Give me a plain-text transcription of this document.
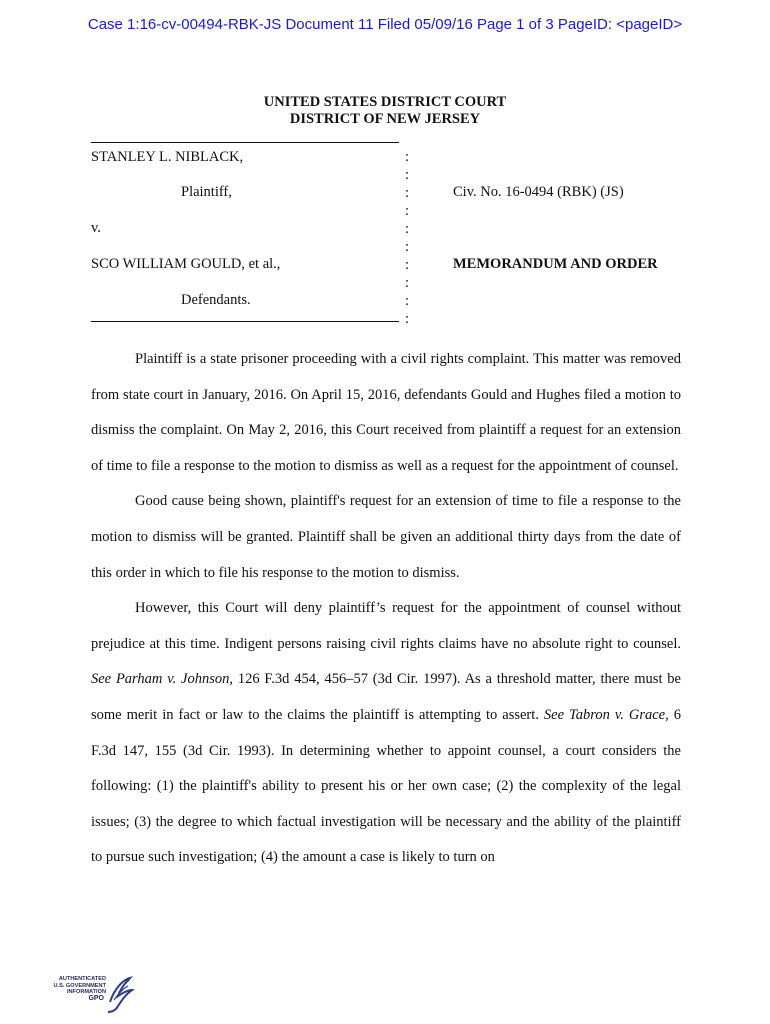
Case 1:16-cv-00494-RBK-JS Document 11 Filed 05/09/16 Page 1 of 3 PageID: <pageID>
UNITED STATES DISTRICT COURT
DISTRICT OF NEW JERSEY
STANLEY L. NIBLACK,
Plaintiff,
v.
SCO WILLIAM GOULD, et al.,
Defendants.
:
:
:
:
:
:
:
:
:
:
Civ. No. 16-0494 (RBK) (JS)
MEMORANDUM AND ORDER

Plaintiff is a state prisoner proceeding with a civil rights complaint. This matter was removed from state court in January, 2016. On April 15, 2016, defendants Gould and Hughes filed a motion to dismiss the complaint. On May 2, 2016, this Court received from plaintiff a request for an extension of time to file a response to the motion to dismiss as well as a request for the appointment of counsel.

Good cause being shown, plaintiff's request for an extension of time to file a response to the motion to dismiss will be granted. Plaintiff shall be given an additional thirty days from the date of this order in which to file his response to the motion to dismiss.

However, this Court will deny plaintiff’s request for the appointment of counsel without prejudice at this time. Indigent persons raising civil rights claims have no absolute right to counsel. See Parham v. Johnson, 126 F.3d 454, 456–57 (3d Cir. 1997). As a threshold matter, there must be some merit in fact or law to the claims the plaintiff is attempting to assert. See Tabron v. Grace, 6 F.3d 147, 155 (3d Cir. 1993). In determining whether to appoint counsel, a court considers the following: (1) the plaintiff's ability to present his or her own case; (2) the complexity of the legal issues; (3) the degree to which factual investigation will be necessary and the ability of the plaintiff to pursue such investigation; (4) the amount a case is likely to turn on

AUTHENTICATED
U.S. GOVERNMENT
INFORMATION
GPO
